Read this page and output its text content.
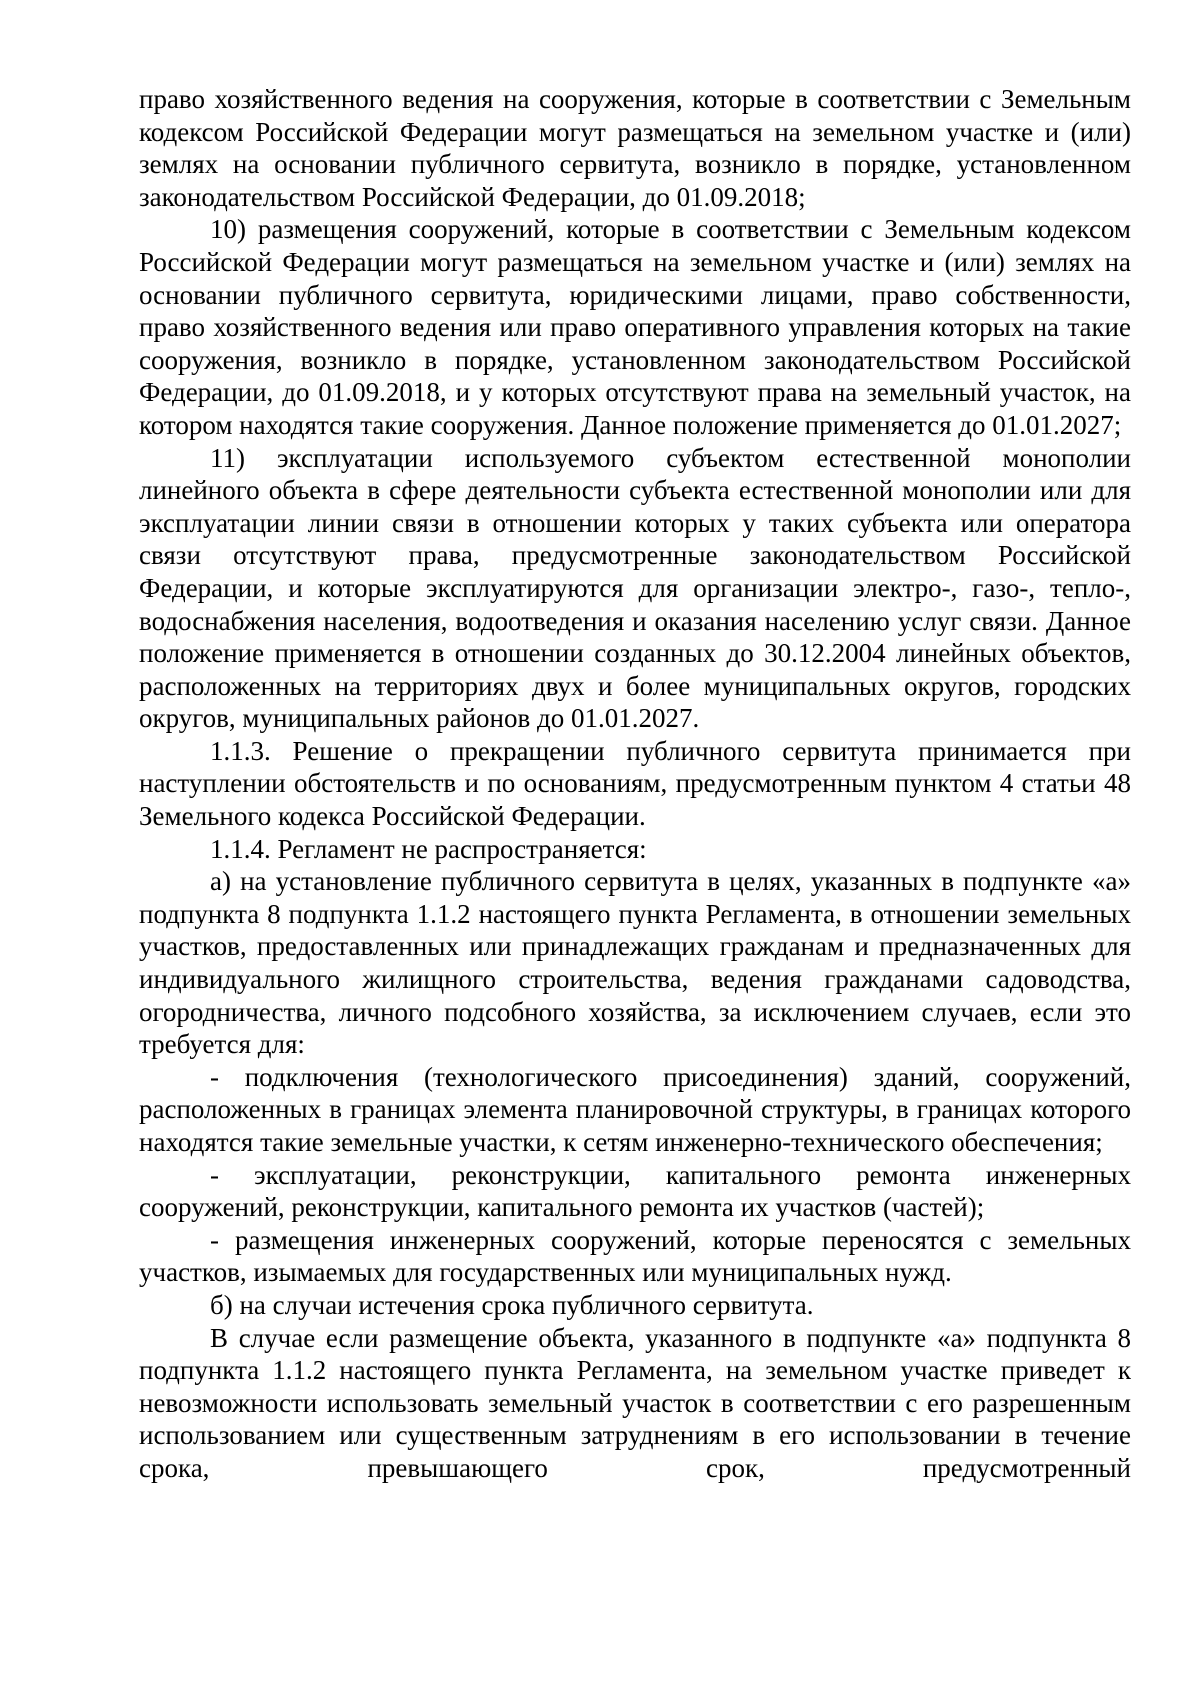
право хозяйственного ведения на сооружения, которые в соответствии с Земельным кодексом Российской Федерации могут размещаться на земельном участке и (или) землях на основании публичного сервитута, возникло в порядке, установленном законодательством Российской Федерации, до 01.09.2018;

10) размещения сооружений, которые в соответствии с Земельным кодексом Российской Федерации могут размещаться на земельном участке и (или) землях на основании публичного сервитута, юридическими лицами, право собственности, право хозяйственного ведения или право оперативного управления которых на такие сооружения, возникло в порядке, установленном законодательством Российской Федерации, до 01.09.2018, и у которых отсутствуют права на земельный участок, на котором находятся такие сооружения. Данное положение применяется до 01.01.2027;

11) эксплуатации используемого субъектом естественной монополии линейного объекта в сфере деятельности субъекта естественной монополии или для эксплуатации линии связи в отношении которых у таких субъекта или оператора связи отсутствуют права, предусмотренные законодательством Российской Федерации, и которые эксплуатируются для организации электро-, газо-, тепло-, водоснабжения населения, водоотведения и оказания населению услуг связи. Данное положение применяется в отношении созданных до 30.12.2004 линейных объектов, расположенных на территориях двух и более муниципальных округов, городских округов, муниципальных районов до 01.01.2027.

1.1.3. Решение о прекращении публичного сервитута принимается при наступлении обстоятельств и по основаниям, предусмотренным пунктом 4 статьи 48 Земельного кодекса Российской Федерации.

1.1.4. Регламент не распространяется:

а) на установление публичного сервитута в целях, указанных в подпункте «а» подпункта 8 подпункта 1.1.2 настоящего пункта Регламента, в отношении земельных участков, предоставленных или принадлежащих гражданам и предназначенных для индивидуального жилищного строительства, ведения гражданами садоводства, огородничества, личного подсобного хозяйства, за исключением случаев, если это требуется для:

- подключения (технологического присоединения) зданий, сооружений, расположенных в границах элемента планировочной структуры, в границах которого находятся такие земельные участки, к сетям инженерно-технического обеспечения;

- эксплуатации, реконструкции, капитального ремонта инженерных сооружений, реконструкции, капитального ремонта их участков (частей);

- размещения инженерных сооружений, которые переносятся с земельных участков, изымаемых для государственных или муниципальных нужд.

б) на случаи истечения срока публичного сервитута.

В случае если размещение объекта, указанного в подпункте «а» подпункта 8 подпункта 1.1.2 настоящего пункта Регламента, на земельном участке приведет к невозможности использовать земельный участок в соответствии с его разрешенным использованием или существенным затруднениям в его использовании в течение срока, превышающего срок, предусмотренный
